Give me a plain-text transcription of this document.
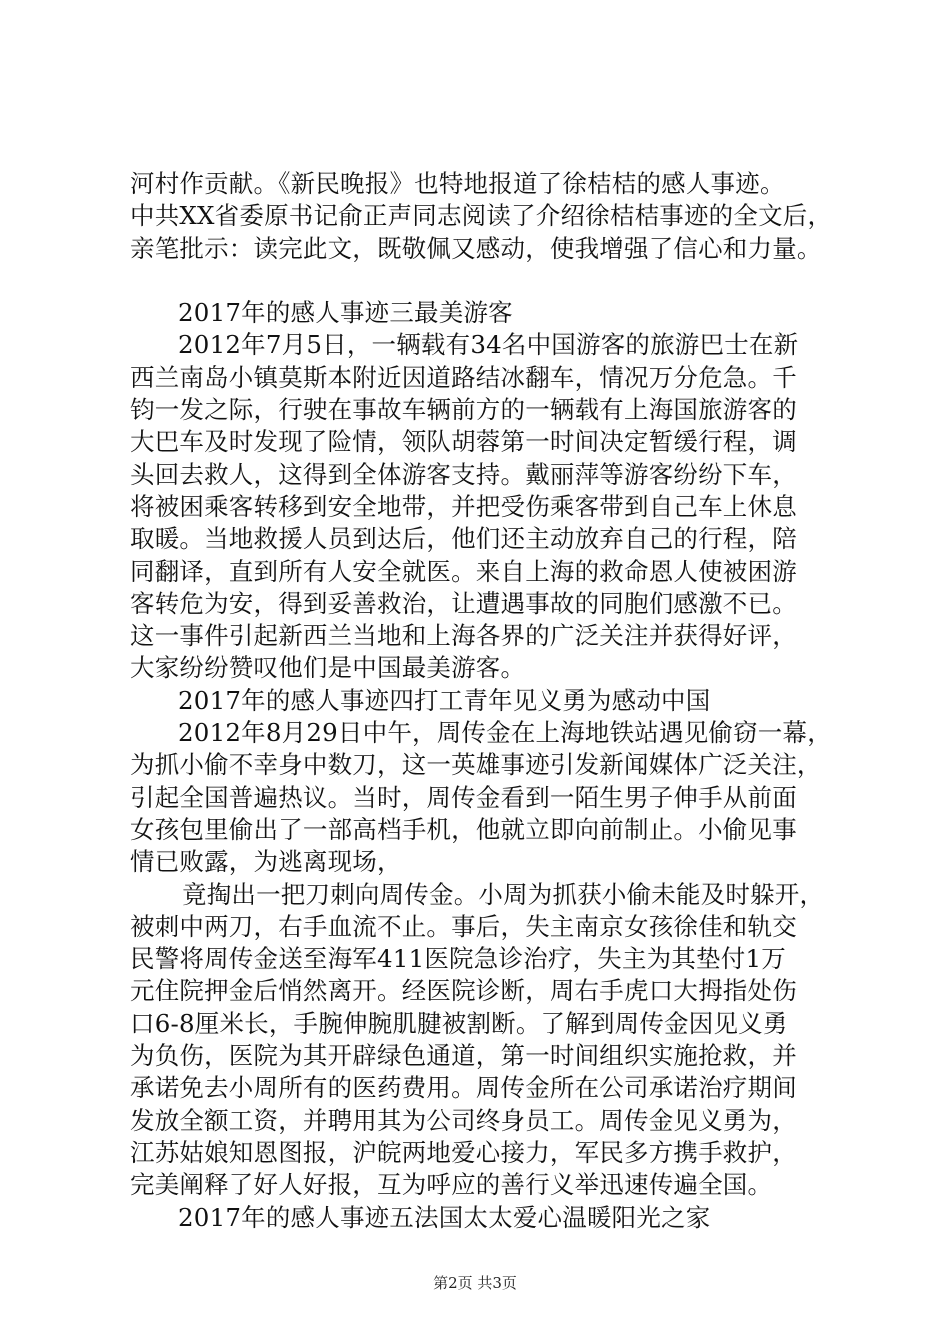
河村作贡献。《新民晚报》也特地报道了徐桔桔的感人事迹。
中共XX省委原书记俞正声同志阅读了介绍徐桔桔事迹的全文后，
亲笔批示：读完此文，既敬佩又感动，使我增强了信心和力量。
2017年的感人事迹三最美游客
2012年7月5日，一辆载有34名中国游客的旅游巴士在新
西兰南岛小镇莫斯本附近因道路结冰翻车，情况万分危急。千
钧一发之际，行驶在事故车辆前方的一辆载有上海国旅游客的
大巴车及时发现了险情，领队胡蓉第一时间决定暂缓行程，调
头回去救人，这得到全体游客支持。戴丽萍等游客纷纷下车，
将被困乘客转移到安全地带，并把受伤乘客带到自己车上休息
取暖。当地救援人员到达后，他们还主动放弃自己的行程，陪
同翻译，直到所有人安全就医。来自上海的救命恩人使被困游
客转危为安，得到妥善救治，让遭遇事故的同胞们感激不已。
这一事件引起新西兰当地和上海各界的广泛关注并获得好评，
大家纷纷赞叹他们是中国最美游客。
2017年的感人事迹四打工青年见义勇为感动中国
2012年8月29日中午，周传金在上海地铁站遇见偷窃一幕，
为抓小偷不幸身中数刀，这一英雄事迹引发新闻媒体广泛关注，
引起全国普遍热议。当时，周传金看到一陌生男子伸手从前面
女孩包里偷出了一部高档手机，他就立即向前制止。小偷见事
情已败露，为逃离现场，
竟掏出一把刀刺向周传金。小周为抓获小偷未能及时躲开，
被刺中两刀，右手血流不止。事后，失主南京女孩徐佳和轨交
民警将周传金送至海军411医院急诊治疗，失主为其垫付1万
元住院押金后悄然离开。经医院诊断，周右手虎口大拇指处伤
口6-8厘米长，手腕伸腕肌腱被割断。了解到周传金因见义勇
为负伤，医院为其开辟绿色通道，第一时间组织实施抢救，并
承诺免去小周所有的医药费用。周传金所在公司承诺治疗期间
发放全额工资，并聘用其为公司终身员工。周传金见义勇为，
江苏姑娘知恩图报，沪皖两地爱心接力，军民多方携手救护，
完美阐释了好人好报，互为呼应的善行义举迅速传遍全国。
2017年的感人事迹五法国太太爱心温暖阳光之家
第2页 共3页
